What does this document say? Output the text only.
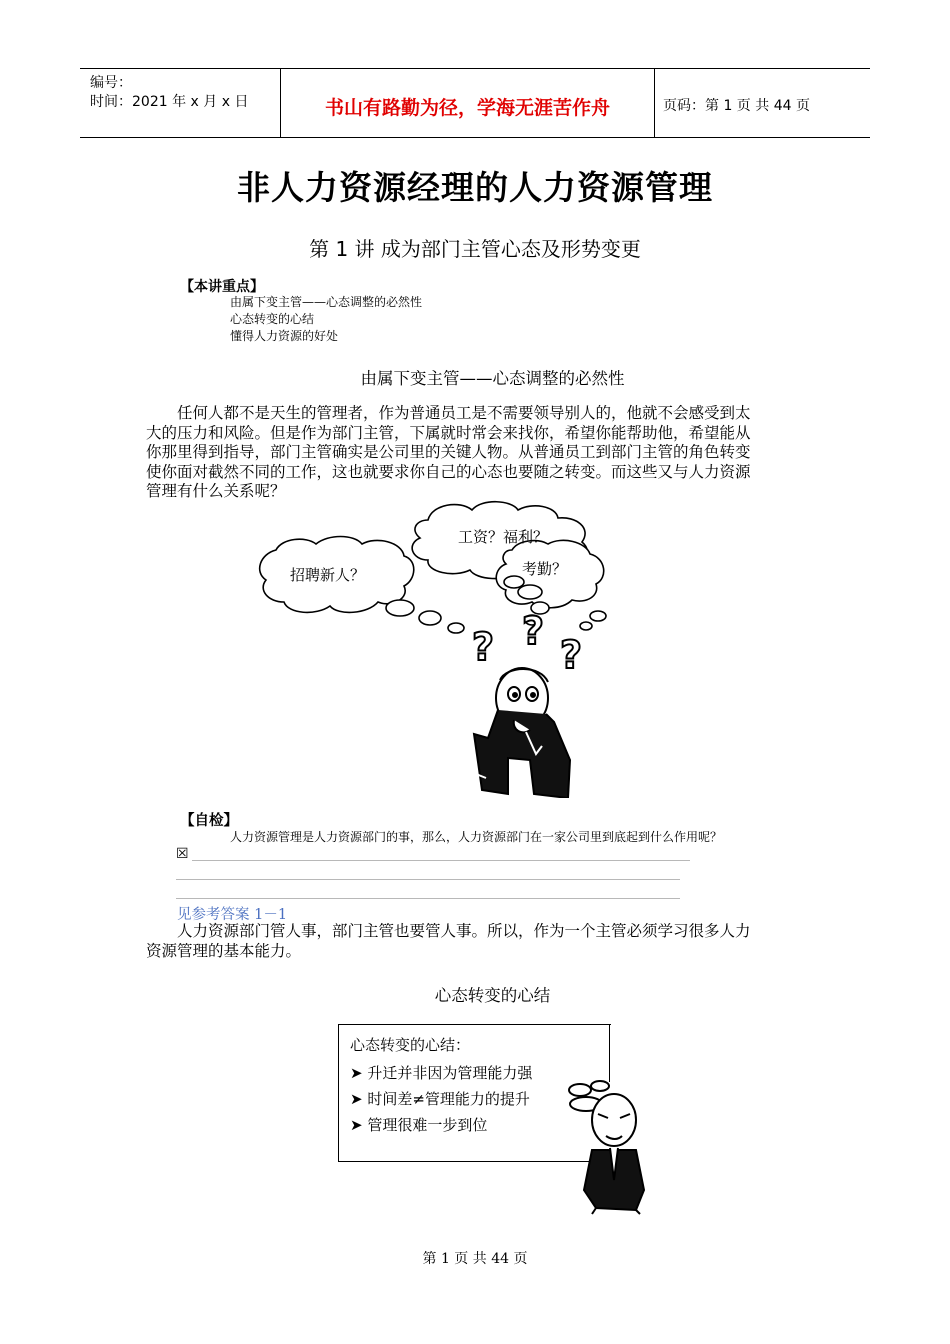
编号：
时间：2021 年 x 月 x 日	书山有路勤为径，学海无涯苦作舟	页码：第 1 页 共 44 页
非人力资源经理的人力资源管理
第 1 讲 成为部门主管心态及形势变更
【本讲重点】
由属下变主管——心态调整的必然性
心态转变的心结
懂得人力资源的好处
由属下变主管——心态调整的必然性
任何人都不是天生的管理者，作为普通员工是不需要领导别人的，他就不会感受到太
大的压力和风险。但是作为部门主管，下属就时常会来找你，希望你能帮助他，希望能从
你那里得到指导，部门主管确实是公司里的关键人物。从普通员工到部门主管的角色转变
使你面对截然不同的工作，这也就要求你自己的心态也要随之转变。而这些又与人力资源
管理有什么关系呢？
工资？福利？
招聘新人？	考勤？
? ?
?
【自检】
人力资源管理是人力资源部门的事，那么，人力资源部门在一家公司里到底起到什么作用呢？
☒
见参考答案 1－1
人力资源部门管人事，部门主管也要管人事。所以，作为一个主管必须学习很多人力
资源管理的基本能力。
心态转变的心结
心态转变的心结：
➤ 升迁并非因为管理能力强
➤ 时间差≠管理能力的提升
➤ 管理很难一步到位
第 1 页 共 44 页
